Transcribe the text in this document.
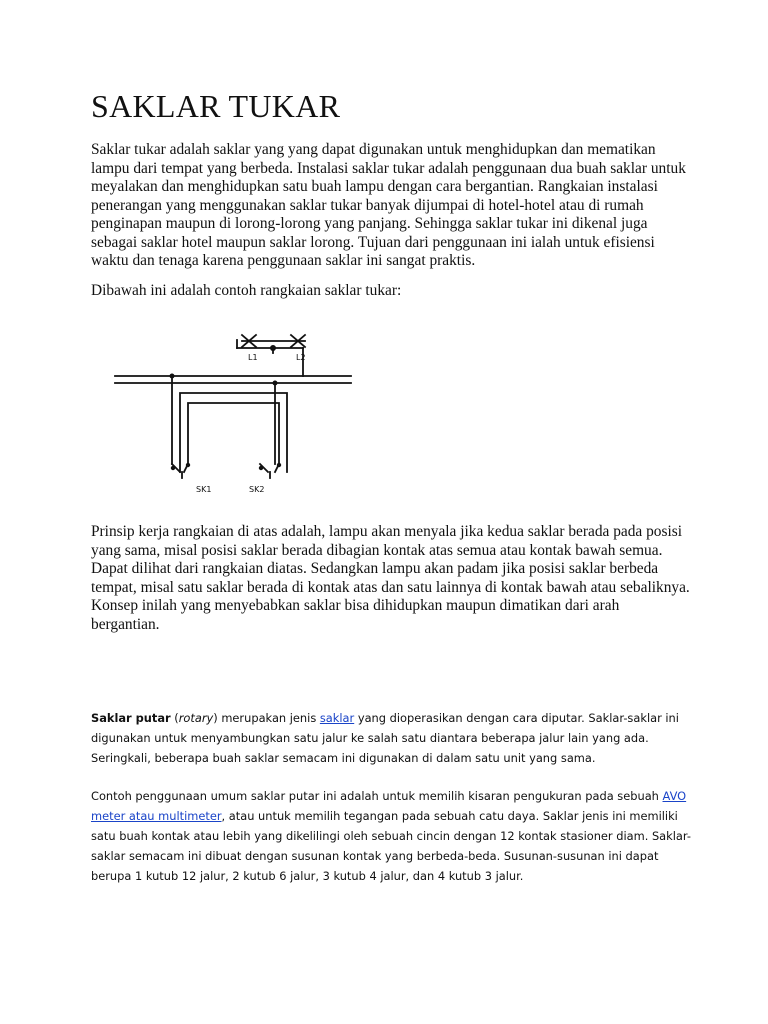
SAKLAR TUKAR

Saklar tukar adalah saklar yang yang dapat digunakan untuk menghidupkan dan mematikan lampu dari tempat yang berbeda. Instalasi saklar tukar adalah penggunaan dua buah saklar untuk meyalakan dan menghidupkan satu buah lampu dengan cara bergantian. Rangkaian instalasi penerangan yang menggunakan saklar tukar banyak dijumpai di hotel-hotel atau di rumah penginapan maupun di lorong-lorong yang panjang. Sehingga saklar tukar ini dikenal juga sebagai saklar hotel maupun saklar lorong. Tujuan dari penggunaan ini ialah untuk efisiensi waktu dan tenaga karena penggunaan saklar ini sangat praktis.

Dibawah ini adalah contoh rangkaian saklar tukar:

L1	L2
SK1	SK2

Prinsip kerja rangkaian di atas adalah, lampu akan menyala jika kedua saklar berada pada posisi yang sama, misal posisi saklar berada dibagian kontak atas semua atau kontak bawah semua. Dapat dilihat dari rangkaian diatas. Sedangkan lampu akan padam jika posisi saklar berbeda tempat, misal satu saklar berada di kontak atas dan satu lainnya di kontak bawah atau sebaliknya. Konsep inilah yang menyebabkan saklar bisa dihidupkan maupun dimatikan dari arah bergantian.

Saklar putar (rotary) merupakan jenis saklar yang dioperasikan dengan cara diputar. Saklar-saklar ini digunakan untuk menyambungkan satu jalur ke salah satu diantara beberapa jalur lain yang ada. Seringkali, beberapa buah saklar semacam ini digunakan di dalam satu unit yang sama.

Contoh penggunaan umum saklar putar ini adalah untuk memilih kisaran pengukuran pada sebuah AVO meter atau multimeter, atau untuk memilih tegangan pada sebuah catu daya. Saklar jenis ini memiliki satu buah kontak atau lebih yang dikelilingi oleh sebuah cincin dengan 12 kontak stasioner diam. Saklar-saklar semacam ini dibuat dengan susunan kontak yang berbeda-beda. Susunan-susunan ini dapat berupa 1 kutub 12 jalur, 2 kutub 6 jalur, 3 kutub 4 jalur, dan 4 kutub 3 jalur.
